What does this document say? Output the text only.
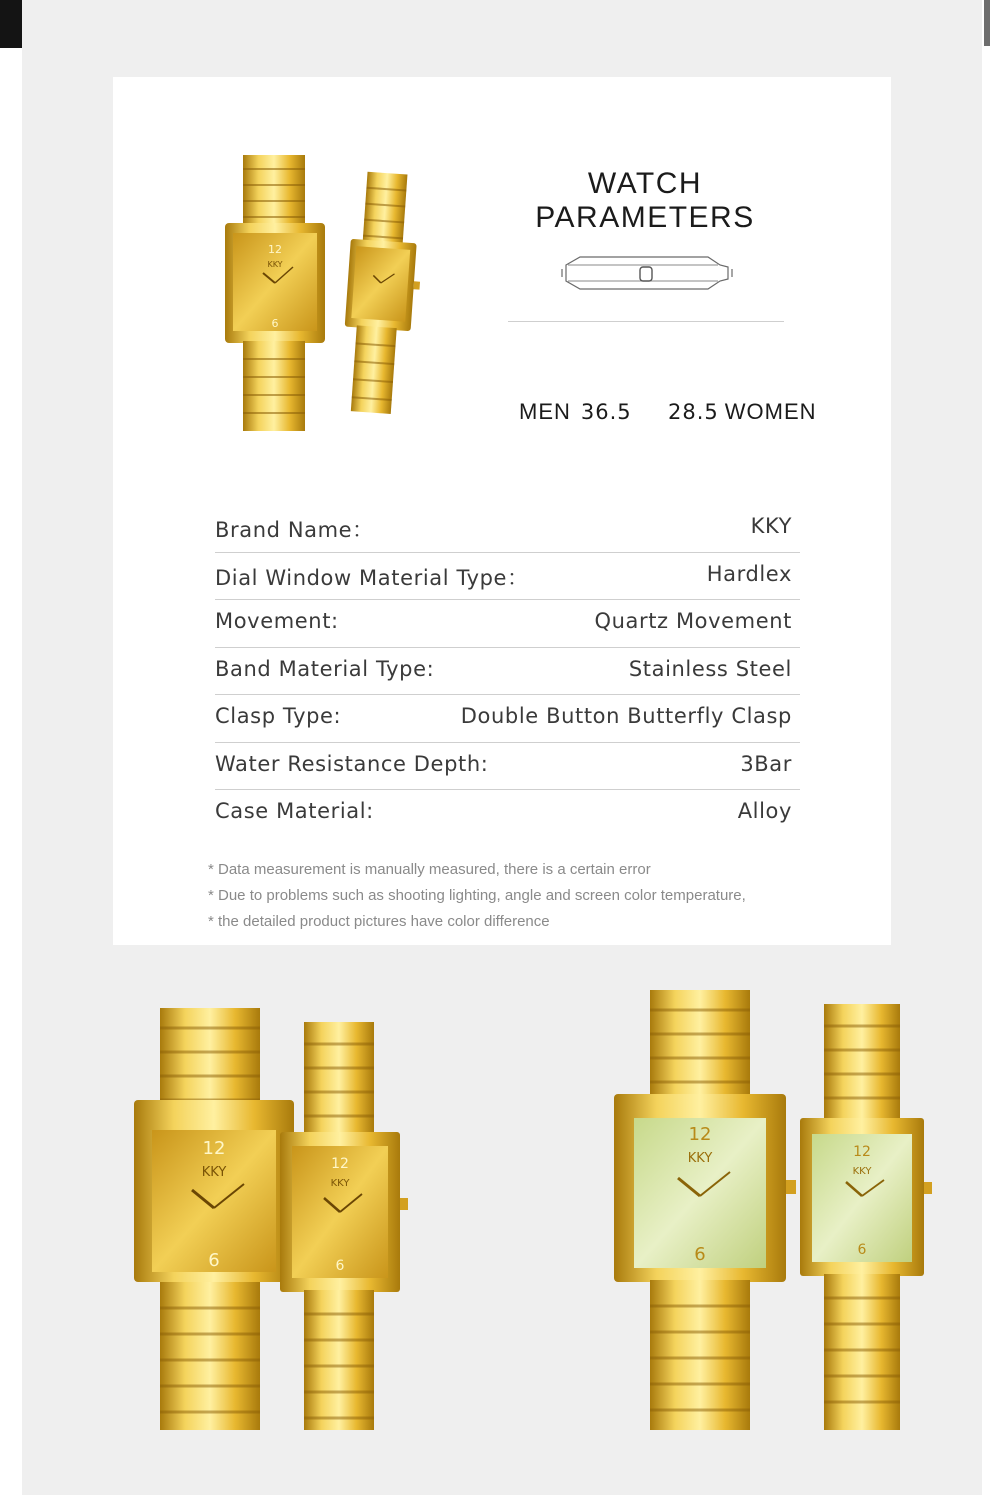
12
KKY
6
WATCH PARAMETERS
MEN 36.5 28.5 WOMEN
Brand Name：	KKY
Dial Window Material Type：	Hardlex
Movement:	Quartz Movement
Band Material Type:	Stainless Steel
Clasp Type:	Double Button Butterfly Clasp
Water Resistance Depth:	3Bar
Case Material:	Alloy
* Data measurement is manually measured, there is a certain error
* Due to problems such as shooting lighting, angle and screen color temperature,
* the detailed product pictures have color difference
12
KKY
6
12
KKY
6
12
KKY
6
12
KKY
6
